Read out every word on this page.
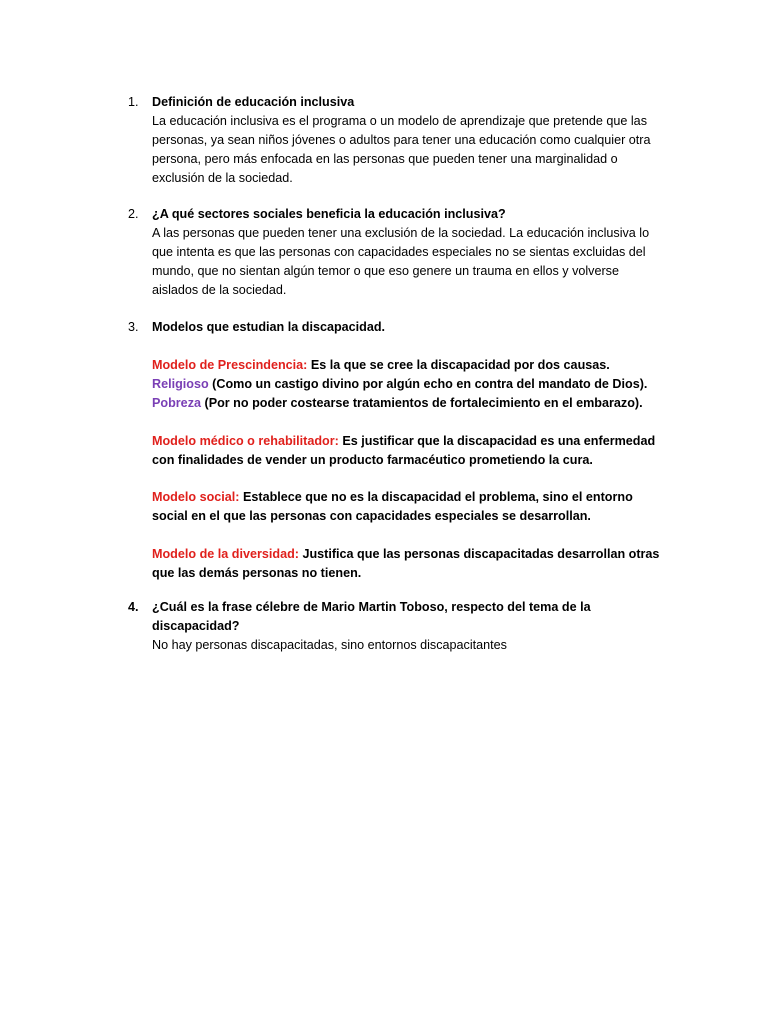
1.	Definición de educación inclusiva

La educación inclusiva es el programa o un modelo de aprendizaje que pretende que las personas, ya sean niños jóvenes o adultos para tener una educación como cualquier otra persona, pero más enfocada en las personas que pueden tener una marginalidad o exclusión de la sociedad.

2.	¿A qué sectores sociales beneficia la educación inclusiva?

A las personas que pueden tener una exclusión de la sociedad. La educación inclusiva lo que intenta es que las personas con capacidades especiales no se sientas excluidas del mundo, que no sientan algún temor o que eso genere un trauma en ellos y volverse aislados de la sociedad.

3.	Modelos que estudian la discapacidad.

Modelo de Prescindencia: Es la que se cree la discapacidad por dos causas. Religioso (Como un castigo divino por algún echo en contra del mandato de Dios). Pobreza (Por no poder costearse tratamientos de fortalecimiento en el embarazo).

Modelo médico o rehabilitador: Es justificar que la discapacidad es una enfermedad con finalidades de vender un producto farmacéutico prometiendo la cura.

Modelo social: Establece que no es la discapacidad el problema, sino el entorno social en el que las personas con capacidades especiales se desarrollan.

Modelo de la diversidad: Justifica que las personas discapacitadas desarrollan otras que las demás personas no tienen.

4.	¿Cuál es la frase célebre de Mario Martin Toboso, respecto del tema de la discapacidad?

No hay personas discapacitadas, sino entornos discapacitantes
